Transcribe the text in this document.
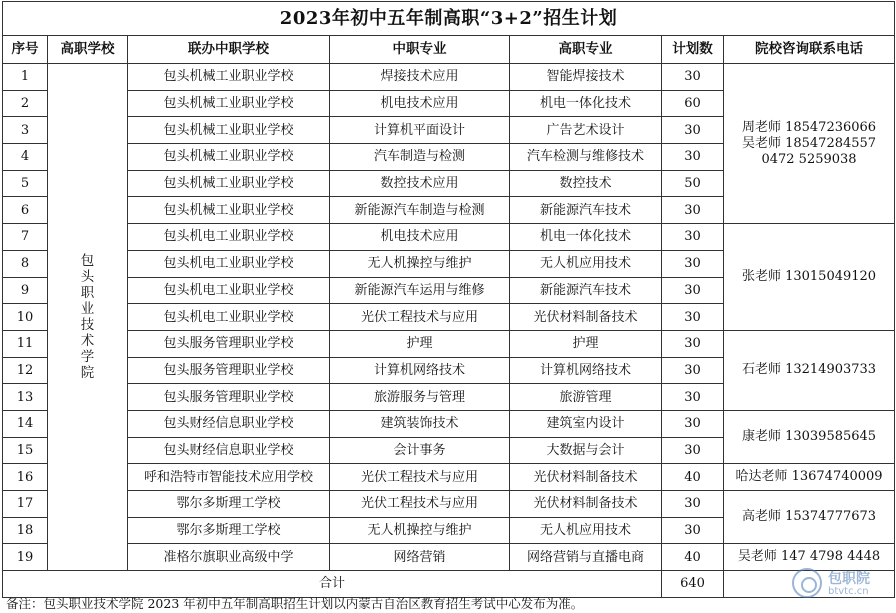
2023年初中五年制高职“3+2”招生计划						
序号	高职学校	联办中职学校	中职专业	高职专业	计划数	院校咨询联系电话
1	包头职业技术学院	包头机械工业职业学校	焊接技术应用	智能焊接技术	30	周老师 18547236066
吴老师 18547284557
0472 5259038

2		包头机械工业职业学校	机电技术应用	机电一体化技术	60	
3		包头机械工业职业学校	计算机平面设计	广告艺术设计	30	
4		包头机械工业职业学校	汽车制造与检测	汽车检测与维修技术	30	
5		包头机械工业职业学校	数控技术应用	数控技术	50	
6		包头机械工业职业学校	新能源汽车制造与检测	新能源汽车技术	30	
7		包头机电工业职业学校	机电技术应用	机电一体化技术	30	张老师 13015049120

8		包头机电工业职业学校	无人机操控与维护	无人机应用技术	30	
9		包头机电工业职业学校	新能源汽车运用与维修	新能源汽车技术	30	
10		包头机电工业职业学校	光伏工程技术与应用	光伏材料制备技术	30	
11		包头服务管理职业学校	护理	护理	30	石老师 13214903733

12		包头服务管理职业学校	计算机网络技术	计算机网络技术	30	
13		包头服务管理职业学校	旅游服务与管理	旅游管理	30	
14		包头财经信息职业学校	建筑装饰技术	建筑室内设计	30	康老师 13039585645

15		包头财经信息职业学校	会计事务	大数据与会计	30	
16		呼和浩特市智能技术应用学校	光伏工程技术与应用	光伏材料制备技术	40	哈达老师 13674740009

17		鄂尔多斯理工学校	光伏工程技术与应用	光伏材料制备技术	30	高老师 15374777673

18		鄂尔多斯理工学校	无人机操控与维护	无人机应用技术	30	
19		准格尔旗职业高级中学	网络营销	网络营销与直播电商	40	吴老师 147 4798 4448

合计					640	
备注：包头职业技术学院 2023 年初中五年制高职招生计划以内蒙古自治区教育招生考试中心发布为准。
包职院
btvtc.cn
